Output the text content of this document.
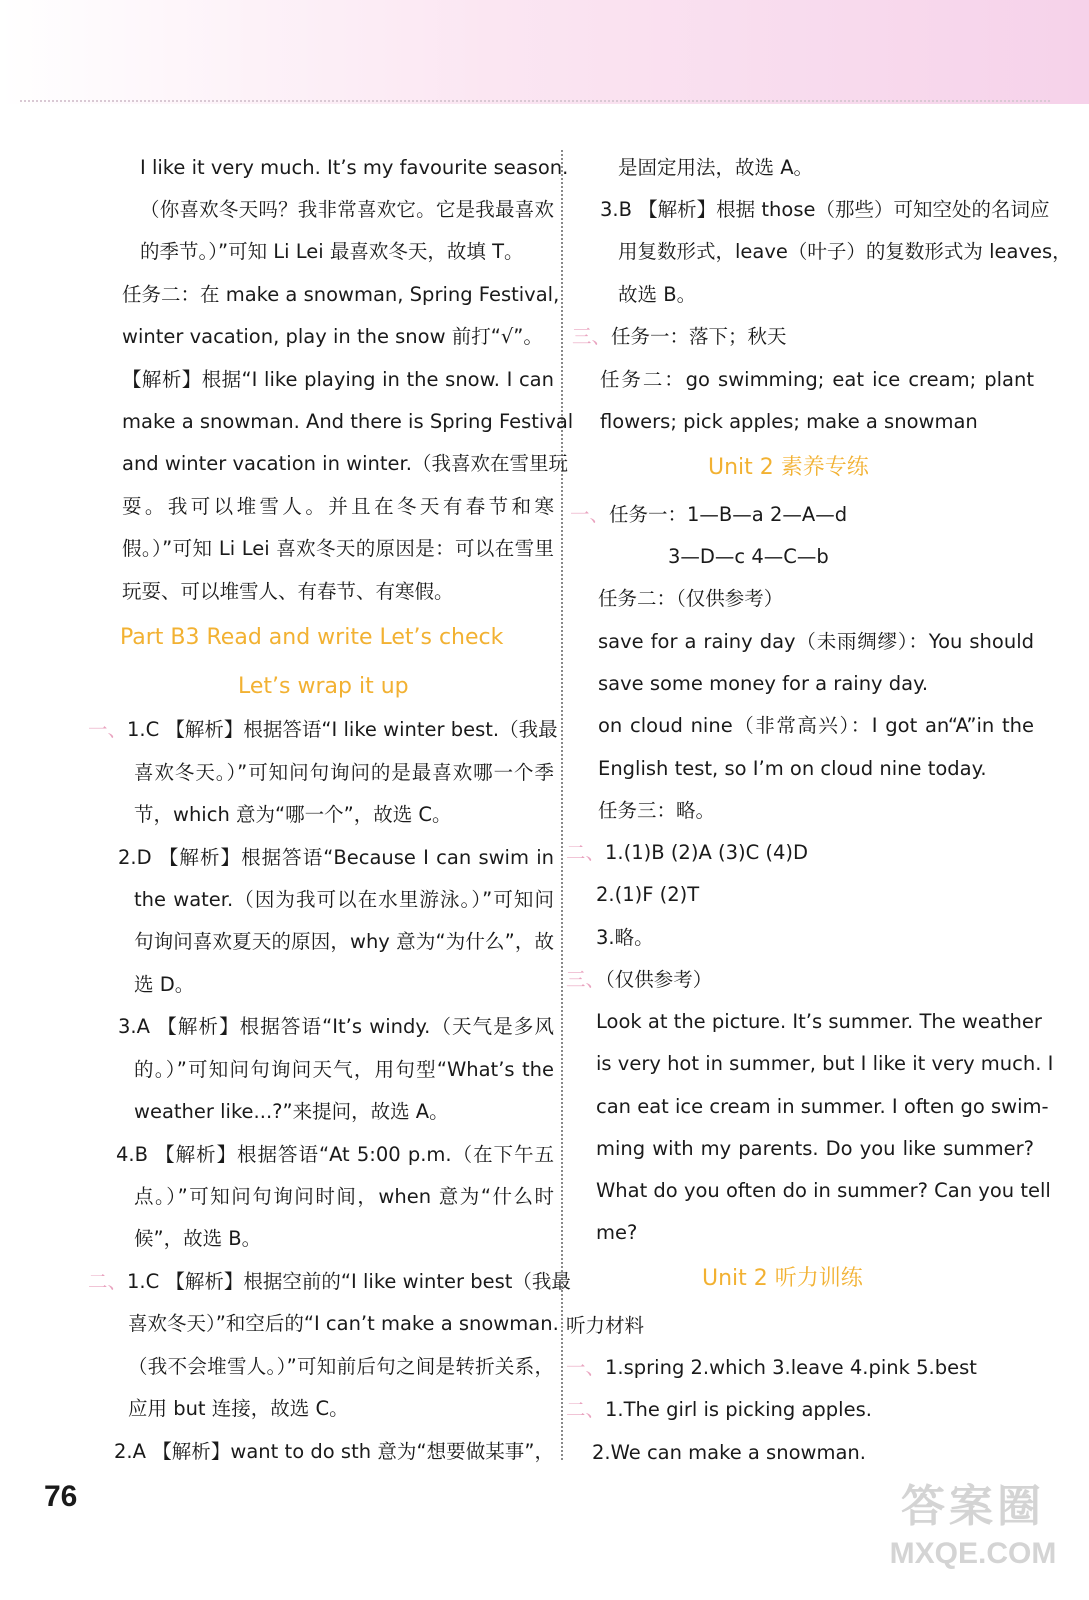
I like it very much. It’s my favourite season.
（你喜欢冬天吗？我非常喜欢它。它是我最喜欢
的季节。）”可知 Li Lei 最喜欢冬天，故填 T。
任务二：在 make a snowman, Spring Festival,
winter vacation, play in the snow 前打“√”。
【解析】根据“I like playing in the snow. I can
make a snowman. And there is Spring Festival
and winter vacation in winter.（我喜欢在雪里玩
耍。我可以堆雪人。并且在冬天有春节和寒
假。）”可知 Li Lei 喜欢冬天的原因是：可以在雪里
玩耍、可以堆雪人、有春节、有寒假。
Part B3 Read and write Let’s check
Let’s wrap it up
一、 1.C 【解析】根据答语“I like winter best.（我最
喜欢冬天。）”可知问句询问的是最喜欢哪一个季
节，which 意为“哪一个”，故选 C。
2.D 【解析】根据答语“Because I can swim in
the water.（因为我可以在水里游泳。）”可知问
句询问喜欢夏天的原因，why 意为“为什么”，故
选 D。
3.A 【解析】根据答语“It’s windy.（天气是多风
的。）”可知问句询问天气，用句型“What’s the
weather like...?”来提问，故选 A。
4.B 【解析】根据答语“At 5:00 p.m.（在下午五
点。）”可知问句询问时间，when 意为“什么时
候”，故选 B。
二、 1.C 【解析】根据空前的“I like winter best（我最
喜欢冬天）”和空后的“I can’t make a snowman.
（我不会堆雪人。）”可知前后句之间是转折关系，
应用 but 连接，故选 C。
2.A 【解析】want to do sth 意为“想要做某事”，
是固定用法，故选 A。
3.B 【解析】根据 those（那些）可知空处的名词应
用复数形式，leave（叶子）的复数形式为 leaves，
故选 B。
三、任务一：落下；秋天
任务二：go swimming; eat ice cream; plant
flowers; pick apples; make a snowman
Unit 2 素养专练
一、任务一：1—B—a 2—A—d
3—D—c 4—C—b
任务二：（仅供参考）
save for a rainy day（未雨绸缪）：You should
save some money for a rainy day.
on cloud nine（非常高兴）：I got an“A”in the
English test, so I’m on cloud nine today.
任务三：略。
二、1.(1)B (2)A (3)C (4)D
2.(1)F (2)T
3.略。
三、（仅供参考）
Look at the picture. It’s summer. The weather
is very hot in summer, but I like it very much. I
can eat ice cream in summer. I often go swim-
ming with my parents. Do you like summer?
What do you often do in summer? Can you tell
me?
Unit 2 听力训练
听力材料
一、1.spring 2.which 3.leave 4.pink 5.best
二、1.The girl is picking apples.
2.We can make a snowman.
76	答案圈
MXQE.COM
